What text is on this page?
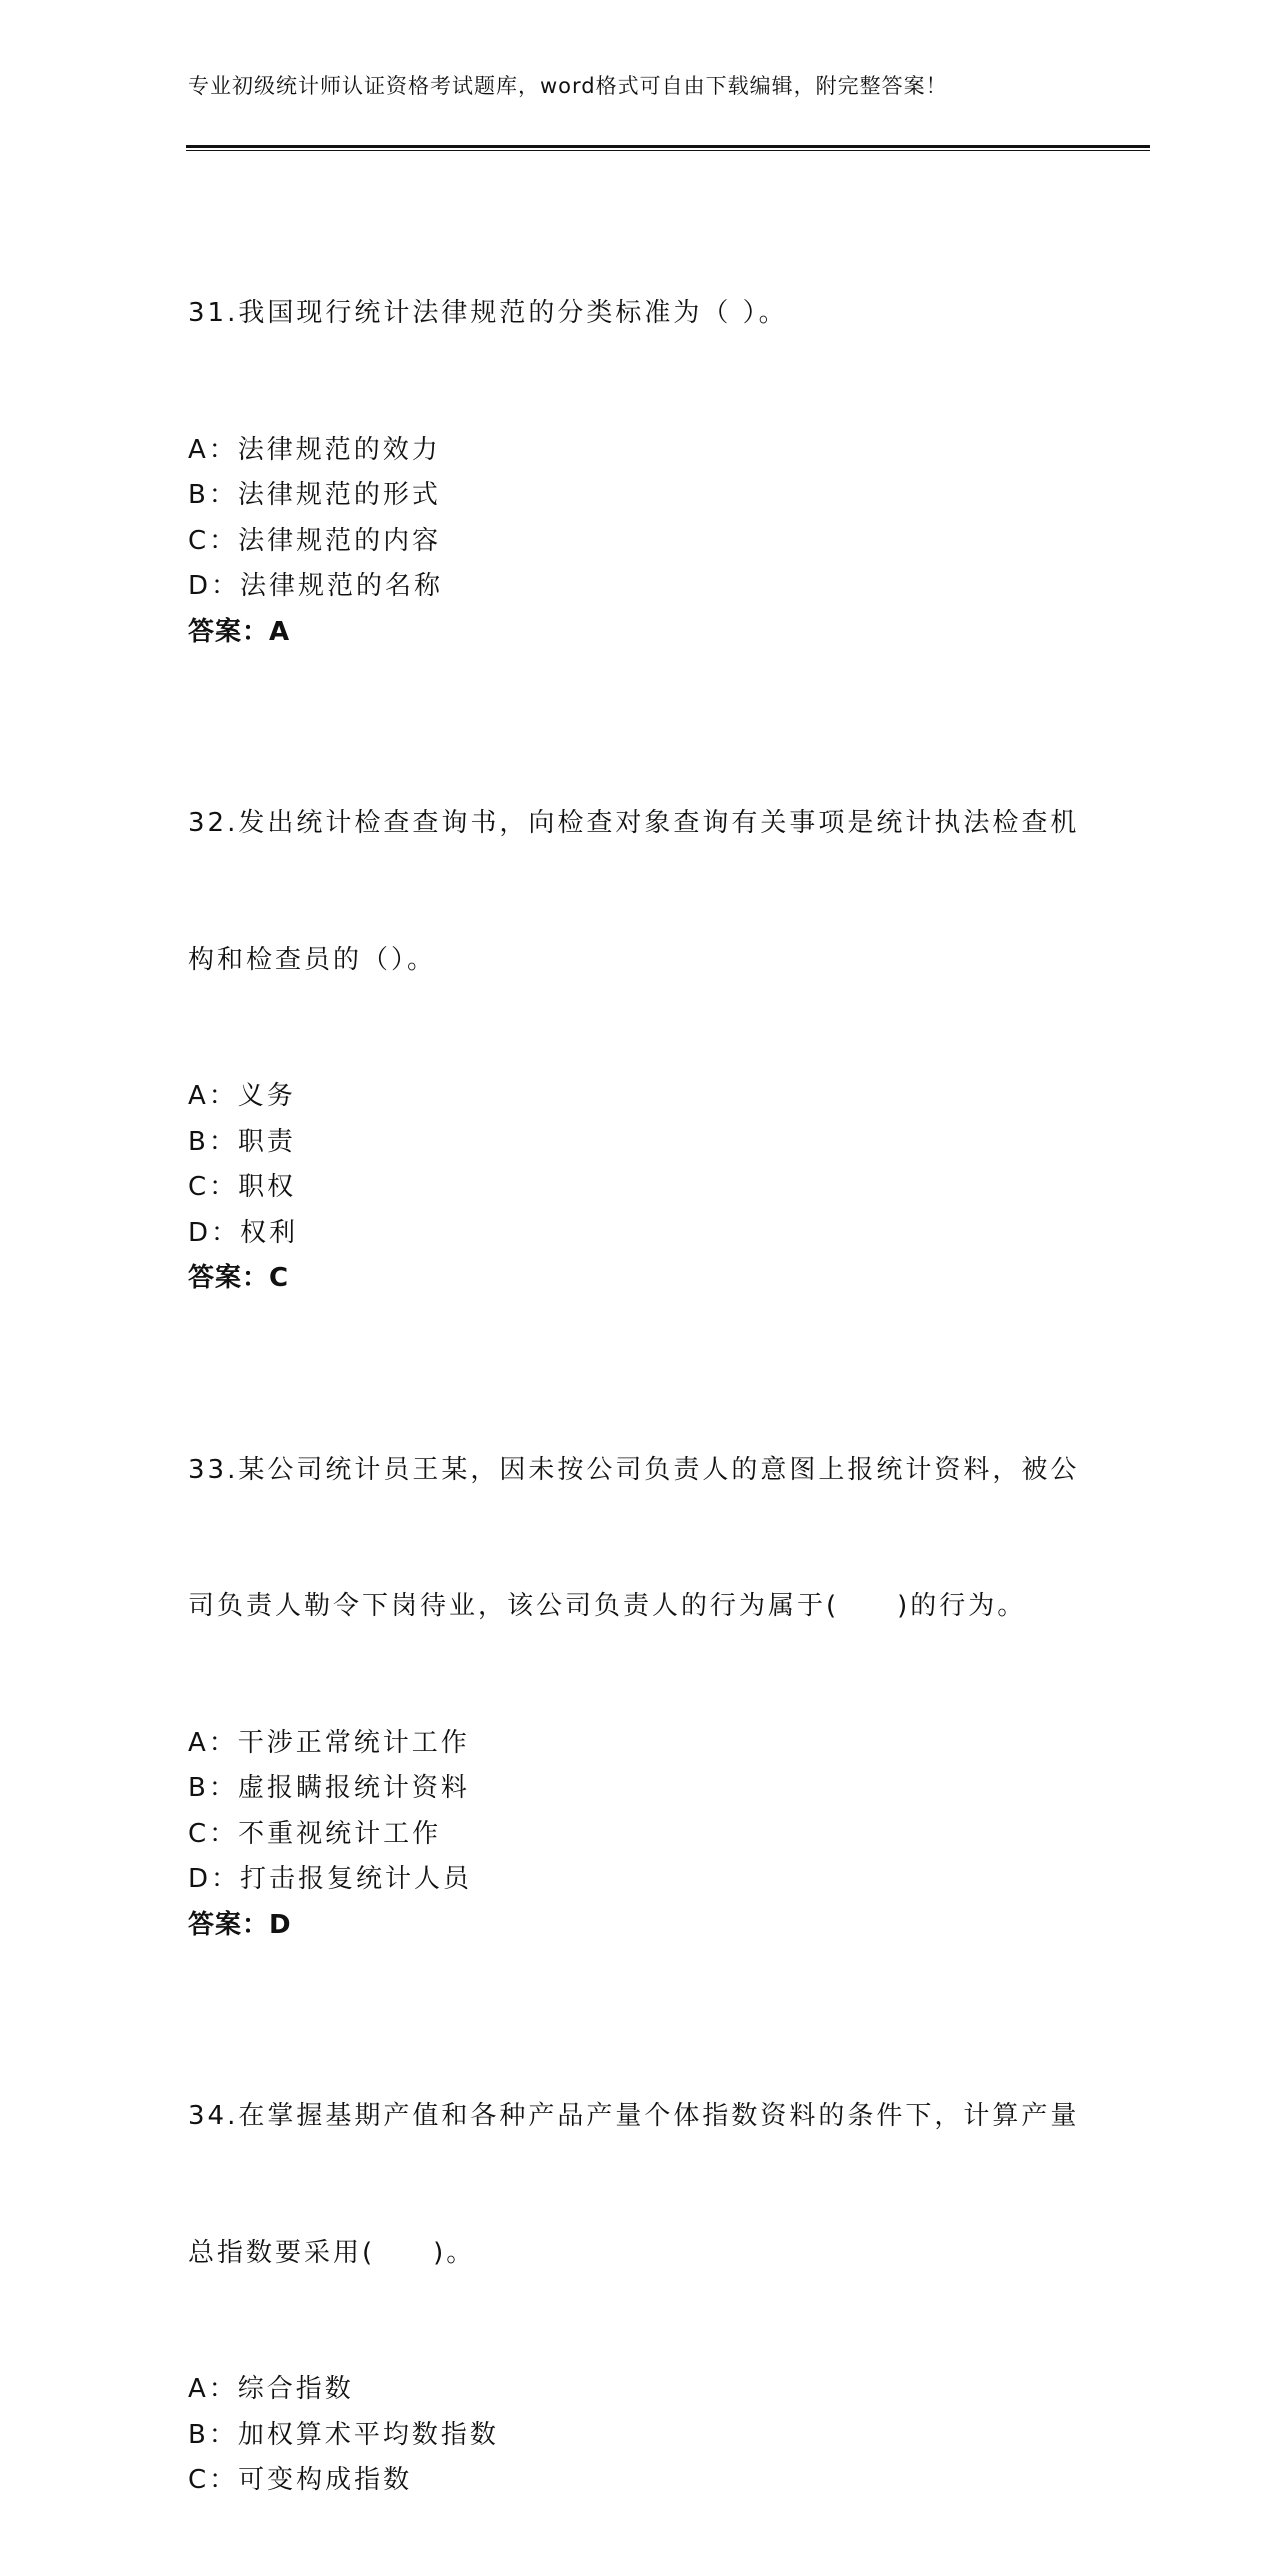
专业初级统计师认证资格考试题库，word格式可自由下载编辑，附完整答案！

31.我国现行统计法律规范的分类标准为（ ）。

A：法律规范的效力
B：法律规范的形式
C：法律规范的内容
D：法律规范的名称
答案：A

32.发出统计检查查询书，向检查对象查询有关事项是统计执法检查机

构和检查员的（）。

A：义务
B：职责
C：职权
D：权利
答案：C

33.某公司统计员王某，因未按公司负责人的意图上报统计资料，被公

司负责人勒令下岗待业，该公司负责人的行为属于(　　)的行为。

A：干涉正常统计工作
B：虚报瞒报统计资料
C：不重视统计工作
D：打击报复统计人员
答案：D

34.在掌握基期产值和各种产品产量个体指数资料的条件下，计算产量

总指数要采用(　　)。

A：综合指数
B：加权算术平均数指数
C：可变构成指数
